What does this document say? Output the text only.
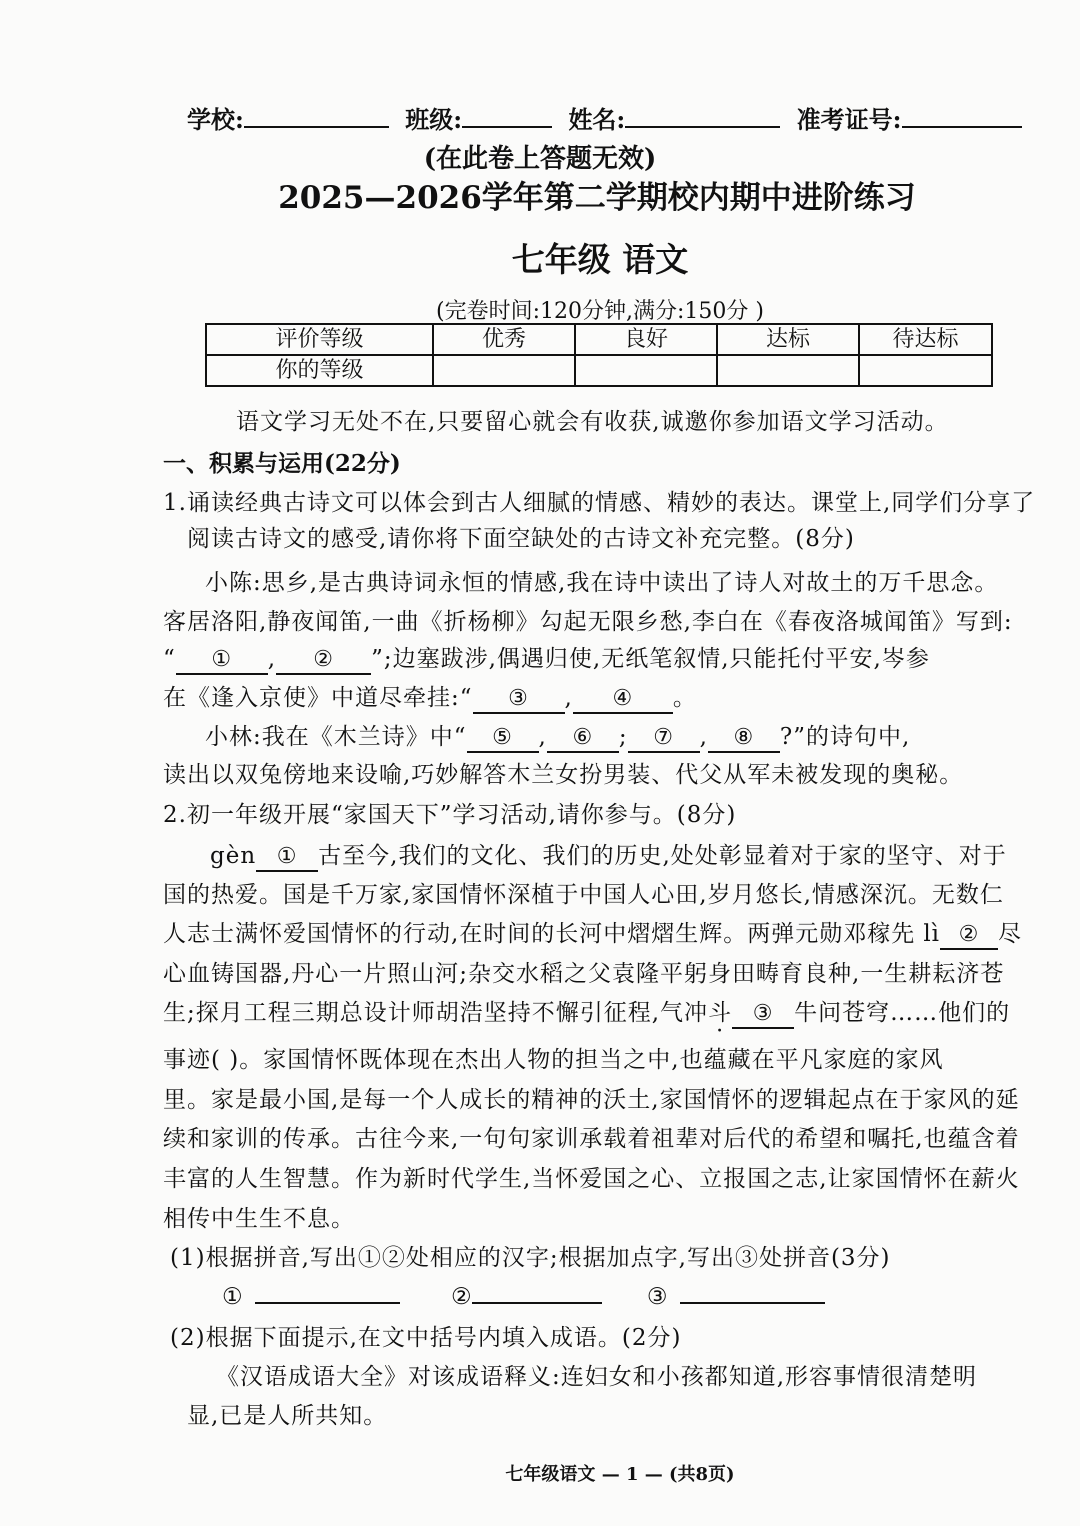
学校:	班级:	姓名:	准考证号:
(在此卷上答题无效)
2025—2026学年第二学期校内期中进阶练习
七年级 语文
(完卷时间:120分钟,满分:150分 )
评价等级	优秀	良好	达标	待达标
你的等级				
语文学习无处不在,只要留心就会有收获,诚邀你参加语文学习活动。
一、积累与运用(22分)
1.诵读经典古诗文可以体会到古人细腻的情感、精妙的表达。课堂上,同学们分享了
阅读古诗文的感受,请你将下面空缺处的古诗文补充完整。(8分)
小陈:思乡,是古典诗词永恒的情感,我在诗中读出了诗人对故土的万千思念。
客居洛阳,静夜闻笛,一曲《折杨柳》勾起无限乡愁,李白在《春夜洛城闻笛》写到:
“ ① , ② ”;边塞跋涉,偶遇归使,无纸笔叙情,只能托付平安,岑参
在《逢入京使》中道尽牵挂:“ ③ , ④ 。
小林:我在《木兰诗》中“ ⑤ , ⑥ ; ⑦ , ⑧ ?”的诗句中,
读出以双兔傍地来设喻,巧妙解答木兰女扮男装、代父从军未被发现的奥秘。
2.初一年级开展“家国天下”学习活动,请你参与。(8分)
gèn ① 古至今,我们的文化、我们的历史,处处彰显着对于家的坚守、对于
国的热爱。国是千万家,家国情怀深植于中国人心田,岁月悠长,情感深沉。无数仁
人志士满怀爱国情怀的行动,在时间的长河中熠熠生辉。两弹元勋邓稼先 lì ② 尽
心血铸国器,丹心一片照山河;杂交水稻之父袁隆平躬身田畴育良种,一生耕耘济苍
生;探月工程三期总设计师胡浩坚持不懈引征程,气冲斗 ③ 牛问苍穹……他们的
事迹( )。家国情怀既体现在杰出人物的担当之中,也蕴藏在平凡家庭的家风
里。家是最小国,是每一个人成长的精神的沃土,家国情怀的逻辑起点在于家风的延
续和家训的传承。古往今来,一句句家训承载着祖辈对后代的希望和嘱托,也蕴含着
丰富的人生智慧。作为新时代学生,当怀爱国之心、立报国之志,让家国情怀在薪火
相传中生生不息。
(1)根据拼音,写出①②处相应的汉字;根据加点字,写出③处拼音(3分)
①	②	③
(2)根据下面提示,在文中括号内填入成语。(2分)
《汉语成语大全》对该成语释义:连妇女和小孩都知道,形容事情很清楚明
显,已是人所共知。
七年级语文 — 1 — (共8页)
